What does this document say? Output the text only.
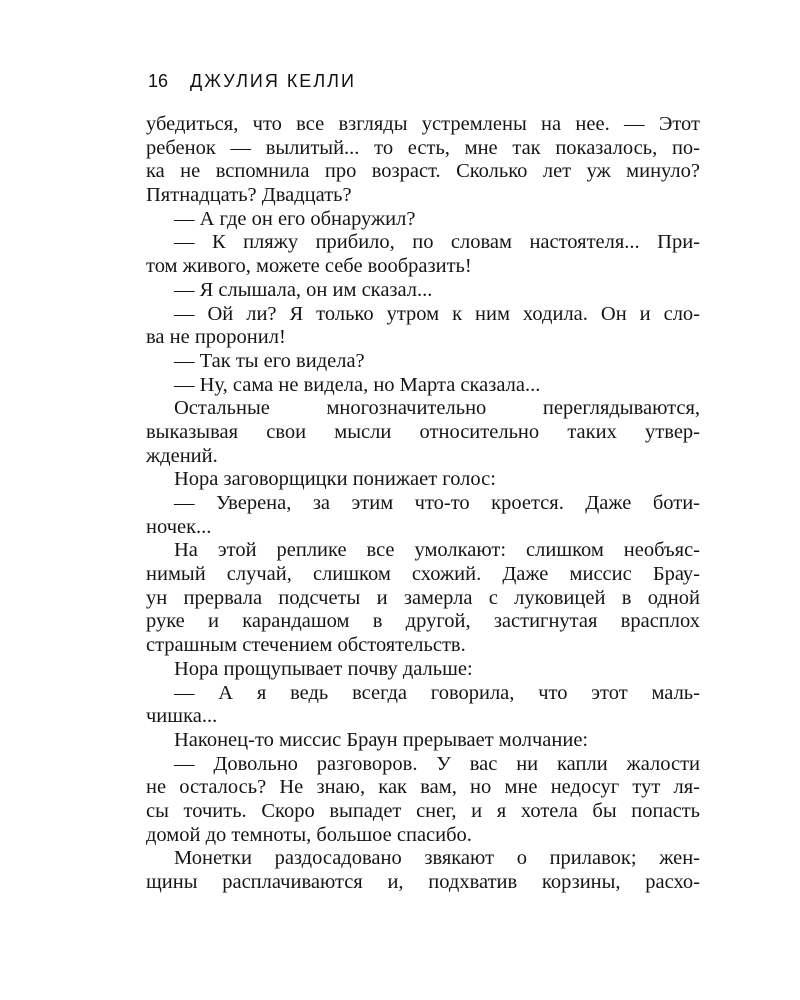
16 ДЖУЛИЯ КЕЛЛИ
убедиться, что все взгляды устремлены на нее. — Этот
ребенок — вылитый... то есть, мне так показалось, по-
ка не вспомнила про возраст. Сколько лет уж минуло?
Пятнадцать? Двадцать?
— А где он его обнаружил?
— К пляжу прибило, по словам настоятеля... При-
том живого, можете себе вообразить!
— Я слышала, он им сказал...
— Ой ли? Я только утром к ним ходила. Он и сло-
ва не проронил!
— Так ты его видела?
— Ну, сама не видела, но Марта сказала...
Остальные многозначительно переглядываются,
выказывая свои мысли относительно таких утвер-
ждений.
Нора заговорщицки понижает голос:
— Уверена, за этим что-то кроется. Даже боти-
ночек...
На этой реплике все умолкают: слишком необъяс-
нимый случай, слишком схожий. Даже миссис Брау-
ун прервала подсчеты и замерла с луковицей в одной
руке и карандашом в другой, застигнутая врасплох
страшным стечением обстоятельств.
Нора прощупывает почву дальше:
— А я ведь всегда говорила, что этот маль-
чишка...
Наконец-то миссис Браун прерывает молчание:
— Довольно разговоров. У вас ни капли жалости
не осталось? Не знаю, как вам, но мне недосуг тут ля-
сы точить. Скоро выпадет снег, и я хотела бы попасть
домой до темноты, большое спасибо.
Монетки раздосадовано звякают о прилавок; жен-
щины расплачиваются и, подхватив корзины, расхо-
